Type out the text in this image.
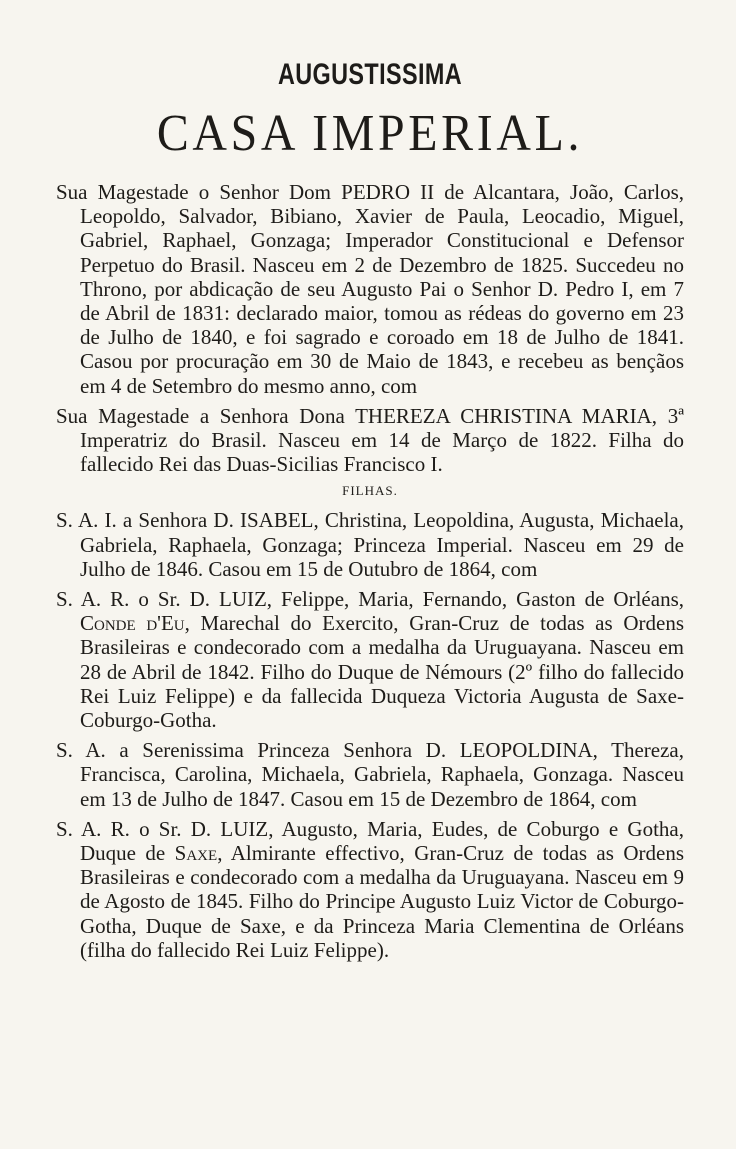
AUGUSTISSIMA
CASA IMPERIAL.

Sua Magestade o Senhor Dom PEDRO II de Alcantara, João, Carlos, Leopoldo, Salvador, Bibiano, Xavier de Paula, Leocadio, Miguel, Gabriel, Raphael, Gonzaga; Imperador Constitucional e Defensor Perpetuo do Brasil. Nasceu em 2 de Dezembro de 1825. Succedeu no Throno, por abdicação de seu Augusto Pai o Senhor D. Pedro I, em 7 de Abril de 1831: declarado maior, tomou as rédeas do governo em 23 de Julho de 1840, e foi sagrado e coroado em 18 de Julho de 1841. Casou por procuração em 30 de Maio de 1843, e recebeu as bençãos em 4 de Setembro do mesmo anno, com

Sua Magestade a Senhora Dona THEREZA CHRISTINA MARIA, 3ª Imperatriz do Brasil. Nasceu em 14 de Março de 1822. Filha do fallecido Rei das Duas-Sicilias Francisco I.

FILHAS.

S. A. I. a Senhora D. ISABEL, Christina, Leopoldina, Augusta, Michaela, Gabriela, Raphaela, Gonzaga; Princeza Imperial. Nasceu em 29 de Julho de 1846. Casou em 15 de Outubro de 1864, com

S. A. R. o Sr. D. LUIZ, Felippe, Maria, Fernando, Gaston de Orléans, Conde d'Eu, Marechal do Exercito, Gran-Cruz de todas as Ordens Brasileiras e condecorado com a medalha da Uruguayana. Nasceu em 28 de Abril de 1842. Filho do Duque de Némours (2º filho do fallecido Rei Luiz Felippe) e da fallecida Duqueza Victoria Augusta de Saxe-Coburgo-Gotha.

S. A. a Serenissima Princeza Senhora D. LEOPOLDINA, Thereza, Francisca, Carolina, Michaela, Gabriela, Raphaela, Gonzaga. Nasceu em 13 de Julho de 1847. Casou em 15 de Dezembro de 1864, com

S. A. R. o Sr. D. LUIZ, Augusto, Maria, Eudes, de Coburgo e Gotha, Duque de Saxe, Almirante effectivo, Gran-Cruz de todas as Ordens Brasileiras e condecorado com a medalha da Uruguayana. Nasceu em 9 de Agosto de 1845. Filho do Principe Augusto Luiz Victor de Coburgo-Gotha, Duque de Saxe, e da Princeza Maria Clementina de Orléans (filha do fallecido Rei Luiz Felippe).
